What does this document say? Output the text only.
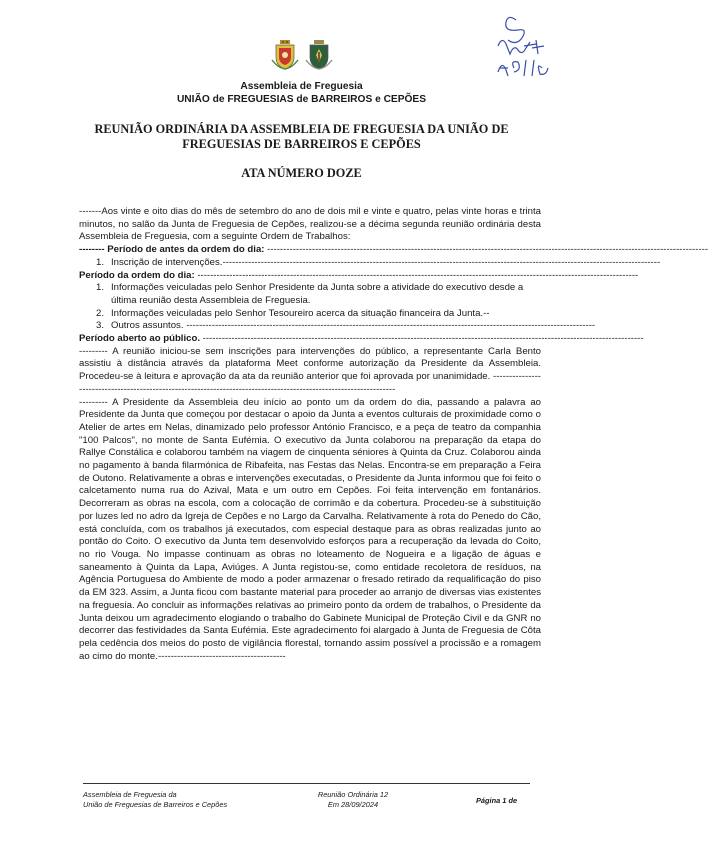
Assembleia de Freguesia
UNIÃO de FREGUESIAS de BARREIROS e CEPÕES
REUNIÃO ORDINÁRIA DA ASSEMBLEIA DE FREGUESIA DA UNIÃO DE FREGUESIAS DE BARREIROS E CEPÕES
ATA NÚMERO DOZE

-------Aos vinte e oito dias do mês de setembro do ano de dois mil e vinte e quatro, pelas vinte horas e trinta minutos, no salão da Junta de Freguesia de Cepões, realizou-se a décima segunda reunião ordinária desta Assembleia de Freguesia, com a seguinte Ordem de Trabalhos:

-------- Período de antes da ordem do dia: ------------------------------------------------------------------------------------------------------------------------------------------
1. Inscrição de intervenções. -----------------------------------------------------------------------------------------------------------------------------------------
Período da ordem do dia: ------------------------------------------------------------------------------------------------------------------------------------------
1. Informações veiculadas pelo Senhor Presidente da Junta sobre a atividade do executivo desde a última reunião desta Assembleia de Freguesia.
2. Informações veiculadas pelo Senhor Tesoureiro acerca da situação financeira da Junta.--
3. Outros assuntos. --------------------------------------------------------------------------------------------------------------------------------
Período aberto ao público. ------------------------------------------------------------------------------------------------------------------------------------------

--------- A reunião iniciou-se sem inscrições para intervenções do público, a representante Carla Bento assistiu à distância através da plataforma Meet conforme autorização da Presidente da Assembleia. Procedeu-se à leitura e aprovação da ata da reunião anterior que foi aprovada por unanimidade. ------------------------------------------------------------------------------------------------------------------

--------- A Presidente da Assembleia deu início ao ponto um da ordem do dia, passando a palavra ao Presidente da Junta que começou por destacar o apoio da Junta a eventos culturais de proximidade como o Atelier de artes em Nelas, dinamizado pelo professor António Francisco, e a peça de teatro da companhia "100 Palcos", no monte de Santa Eufémia. O executivo da Junta colaborou na preparação da etapa do Rallye Constálica e colaborou também na viagem de cinquenta séniores à Quinta da Cruz. Colaborou ainda no pagamento à banda filarmónica de Ribafeita, nas Festas das Nelas. Encontra-se em preparação a Feira de Outono. Relativamente a obras e intervenções executadas, o Presidente da Junta informou que foi feito o calcetamento numa rua do Azival, Mata e um outro em Cepões. Foi feita intervenção em fontanários. Decorreram as obras na escola, com a colocação de corrimão e da cobertura. Procedeu-se à substituição por luzes led no adro da Igreja de Cepões e no Largo da Carvalha. Relativamente à rota do Penedo do Cão, está concluída, com os trabalhos já executados, com especial destaque para as obras realizadas junto ao pontão do Coito. O executivo da Junta tem desenvolvido esforços para a recuperação da levada do Coito, no rio Vouga. No impasse continuam as obras no loteamento de Nogueira e a ligação de águas e saneamento à Quinta da Lapa, Aviúges. A Junta registou-se, como entidade recoletora de resíduos, na Agência Portuguesa do Ambiente de modo a poder armazenar o fresado retirado da requalificação do piso da EM 323. Assim, a Junta ficou com bastante material para proceder ao arranjo de diversas vias existentes na freguesia. Ao concluir as informações relativas ao primeiro ponto da ordem de trabalhos, o Presidente da Junta deixou um agradecimento elogiando o trabalho do Gabinete Municipal de Proteção Civil e da GNR no decorrer das festividades da Santa Eufémia. Este agradecimento foi alargado à Junta de Freguesia de Côta pela cedência dos meios do posto de vigilância florestal, tornando assim possível a procissão e a romagem ao cimo do monte.----------------------------------------

Assembleia de Freguesia da
União de Freguesias de Barreiros e Cepões
Reunião Ordinária 12
Em 28/09/2024	Página 1 de
